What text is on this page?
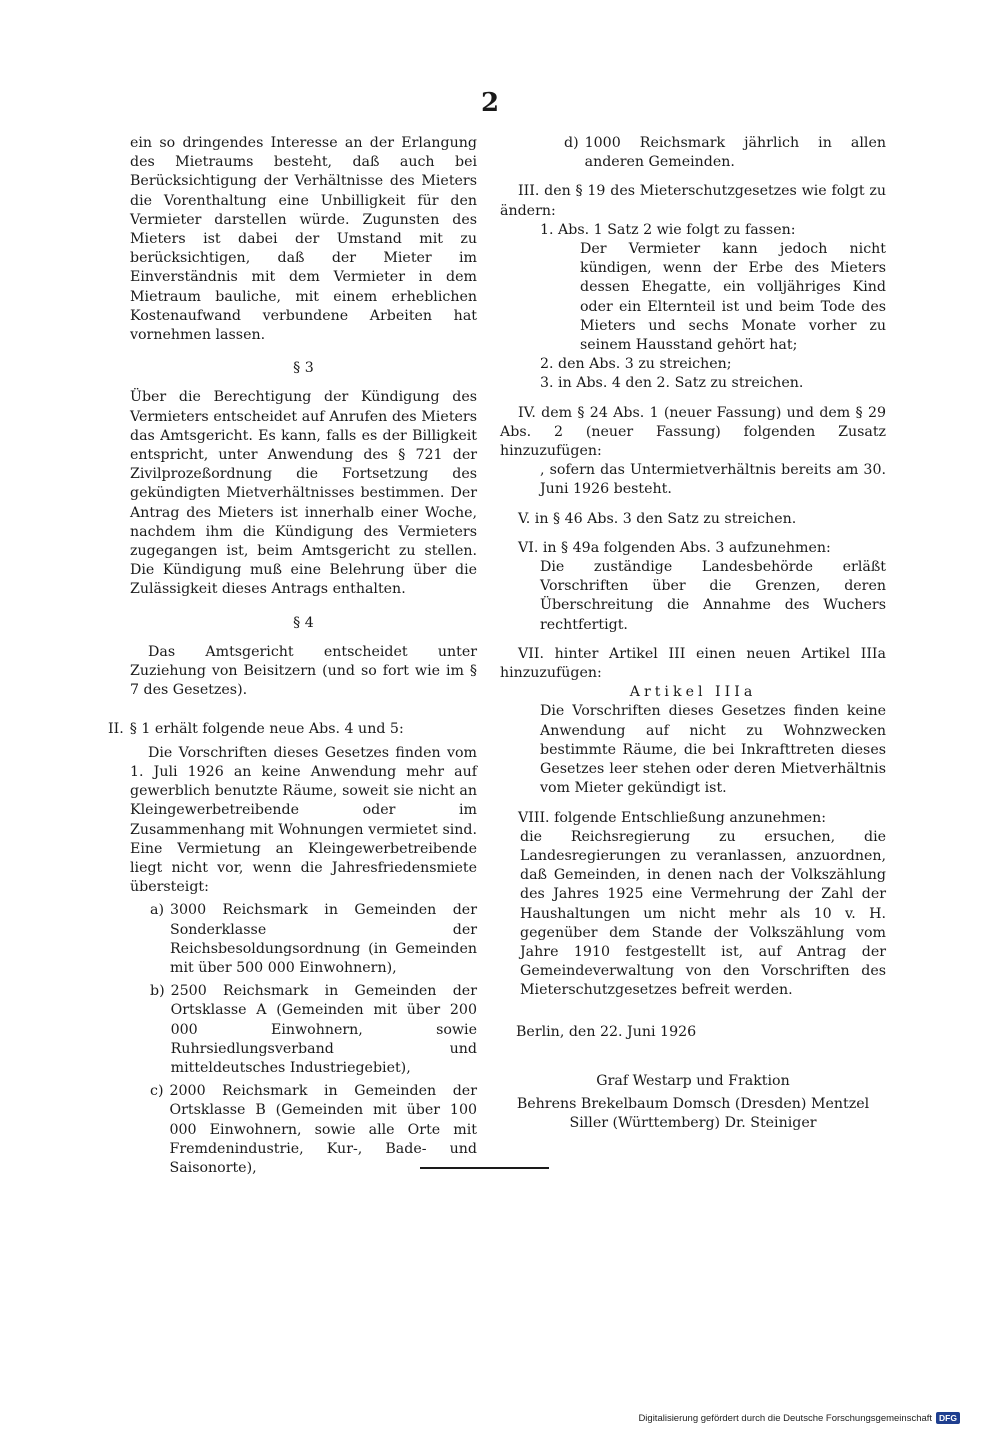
2

ein so dringendes Interesse an der Erlangung des Mietraums besteht, daß auch bei Berücksichtigung der Verhältnisse des Mieters die Vorenthaltung eine Unbilligkeit für den Vermieter darstellen würde. Zugunsten des Mieters ist dabei der Umstand mit zu berücksichtigen, daß der Mieter im Einverständnis mit dem Vermieter in dem Mietraum bauliche, mit einem erheblichen Kostenaufwand verbundene Arbeiten hat vornehmen lassen.

§ 3

Über die Berechtigung der Kündigung des Vermieters entscheidet auf Anrufen des Mieters das Amtsgericht. Es kann, falls es der Billigkeit entspricht, unter Anwendung des § 721 der Zivilprozeßordnung die Fortsetzung des gekündigten Mietverhältnisses bestimmen. Der Antrag des Mieters ist innerhalb einer Woche, nachdem ihm die Kündigung des Vermieters zugegangen ist, beim Amtsgericht zu stellen. Die Kündigung muß eine Belehrung über die Zulässigkeit dieses Antrags enthalten.

§ 4

Das Amtsgericht entscheidet unter Zuziehung von Beisitzern (und so fort wie im § 7 des Gesetzes).

II. § 1 erhält folgende neue Abs. 4 und 5:

Die Vorschriften dieses Gesetzes finden vom 1. Juli 1926 an keine Anwendung mehr auf gewerblich benutzte Räume, soweit sie nicht an Kleingewerbetreibende oder im Zusammenhang mit Wohnungen vermietet sind. Eine Vermietung an Kleingewerbetreibende liegt nicht vor, wenn die Jahresfriedensmiete übersteigt:

a) 3000 Reichsmark in Gemeinden der Sonderklasse der Reichsbesoldungsordnung (in Gemeinden mit über 500 000 Einwohnern),
b) 2500 Reichsmark in Gemeinden der Ortsklasse A (Gemeinden mit über 200 000 Einwohnern, sowie Ruhrsiedlungsverband und mitteldeutsches Industriegebiet),
c) 2000 Reichsmark in Gemeinden der Ortsklasse B (Gemeinden mit über 100 000 Einwohnern, sowie alle Orte mit Fremdenindustrie, Kur-, Bade- und Saisonorte),
d) 1000 Reichsmark jährlich in allen anderen Gemeinden.

III. den § 19 des Mieterschutzgesetzes wie folgt zu ändern:

1. Abs. 1 Satz 2 wie folgt zu fassen:

Der Vermieter kann jedoch nicht kündigen, wenn der Erbe des Mieters dessen Ehegatte, ein volljähriges Kind oder ein Elternteil ist und beim Tode des Mieters und sechs Monate vorher zu seinem Hausstand gehört hat;

2. den Abs. 3 zu streichen;

3. in Abs. 4 den 2. Satz zu streichen.

IV. dem § 24 Abs. 1 (neuer Fassung) und dem § 29 Abs. 2 (neuer Fassung) folgenden Zusatz hinzuzufügen:

, sofern das Untermietverhältnis bereits am 30. Juni 1926 besteht.

V. in § 46 Abs. 3 den Satz zu streichen.

VI. in § 49a folgenden Abs. 3 aufzunehmen:

Die zuständige Landesbehörde erläßt Vorschriften über die Grenzen, deren Überschreitung die Annahme des Wuchers rechtfertigt.

VII. hinter Artikel III einen neuen Artikel IIIa hinzuzufügen:

Artikel IIIa

Die Vorschriften dieses Gesetzes finden keine Anwendung auf nicht zu Wohnzwecken bestimmte Räume, die bei Inkrafttreten dieses Gesetzes leer stehen oder deren Mietverhältnis vom Mieter gekündigt ist.

VIII. folgende Entschließung anzunehmen:

die Reichsregierung zu ersuchen, die Landesregierungen zu veranlassen, anzuordnen, daß Gemeinden, in denen nach der Volkszählung des Jahres 1925 eine Vermehrung der Zahl der Haushaltungen um nicht mehr als 10 v. H. gegenüber dem Stande der Volkszählung vom Jahre 1910 festgestellt ist, auf Antrag der Gemeindeverwaltung von den Vorschriften des Mieterschutzgesetzes befreit werden.

Berlin, den 22. Juni 1926

Graf Westarp und Fraktion

Behrens Brekelbaum Domsch (Dresden) Mentzel

Siller (Württemberg) Dr. Steiniger

Digitalisierung gefördert durch die Deutsche Forschungsgemeinschaft DFG
